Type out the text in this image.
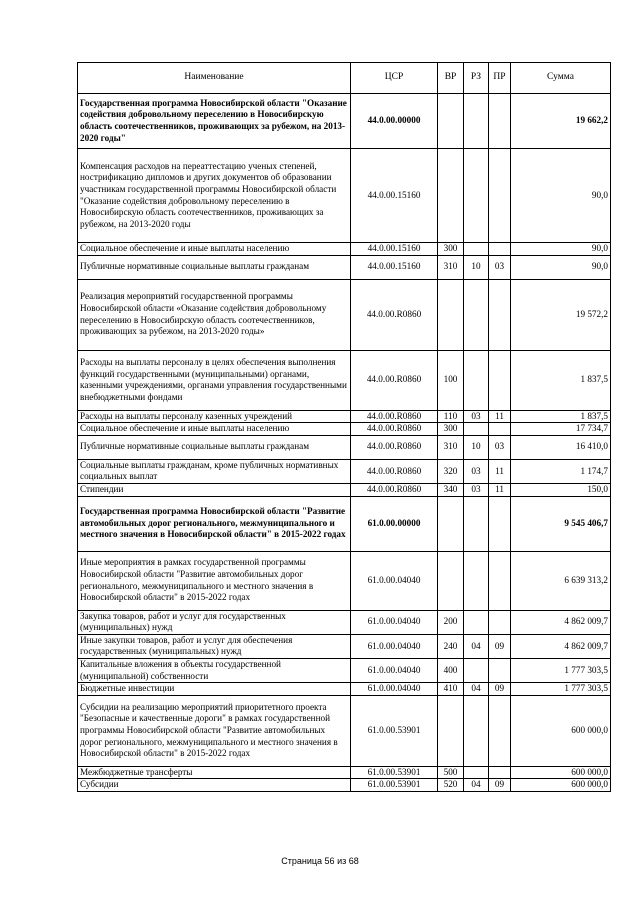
Наименование	ЦСР	ВР	РЗ	ПР	Сумма
Государственная программа Новосибирской области "Оказание содействия добровольному переселению в Новосибирскую область соотечественников, проживающих за рубежом, на 2013-2020 годы"	44.0.00.00000				19 662,2
Компенсация расходов на переаттестацию ученых степеней, нострификацию дипломов и других документов об образовании участникам государственной программы Новосибирской области "Оказание содействия добровольному переселению в Новосибирскую область соотечественников, проживающих за рубежом, на 2013-2020 годы	44.0.00.15160				90,0
Социальное обеспечение и иные выплаты населению	44.0.00.15160	300			90,0
Публичные нормативные социальные выплаты гражданам	44.0.00.15160	310	10	03	90,0
Реализация мероприятий государственной программы Новосибирской области «Оказание содействия добровольному переселению в Новосибирскую область соотечественников, проживающих за рубежом, на 2013-2020 годы»	44.0.00.R0860				19 572,2
Расходы на выплаты персоналу в целях обеспечения выполнения функций государственными (муниципальными) органами, казенными учреждениями, органами управления государственными внебюджетными фондами	44.0.00.R0860	100			1 837,5
Расходы на выплаты персоналу казенных учреждений	44.0.00.R0860	110	03	11	1 837,5
Социальное обеспечение и иные выплаты населению	44.0.00.R0860	300			17 734,7
Публичные нормативные социальные выплаты гражданам	44.0.00.R0860	310	10	03	16 410,0
Социальные выплаты гражданам, кроме публичных нормативных социальных выплат	44.0.00.R0860	320	03	11	1 174,7
Стипендии	44.0.00.R0860	340	03	11	150,0
Государственная программа Новосибирской области "Развитие автомобильных дорог регионального, межмуниципального и местного значения в Новосибирской области" в 2015-2022 годах	61.0.00.00000				9 545 406,7
Иные мероприятия в рамках государственной программы Новосибирской области "Развитие автомобильных дорог регионального, межмуниципального и местного значения в Новосибирской области" в 2015-2022 годах	61.0.00.04040				6 639 313,2
Закупка товаров, работ и услуг для государственных (муниципальных) нужд	61.0.00.04040	200			4 862 009,7
Иные закупки товаров, работ и услуг для обеспечения государственных (муниципальных) нужд	61.0.00.04040	240	04	09	4 862 009,7
Капитальные вложения в объекты государственной (муниципальной) собственности	61.0.00.04040	400			1 777 303,5
Бюджетные инвестиции	61.0.00.04040	410	04	09	1 777 303,5
Субсидии на реализацию мероприятий приоритетного проекта "Безопасные и качественные дороги" в рамках государственной программы Новосибирской области "Развитие автомобильных дорог регионального, межмуниципального и местного значения в Новосибирской области" в 2015-2022 годах	61.0.00.53901				600 000,0
Межбюджетные трансферты	61.0.00.53901	500			600 000,0
Субсидии	61.0.00.53901	520	04	09	600 000,0
Страница 56 из 68
